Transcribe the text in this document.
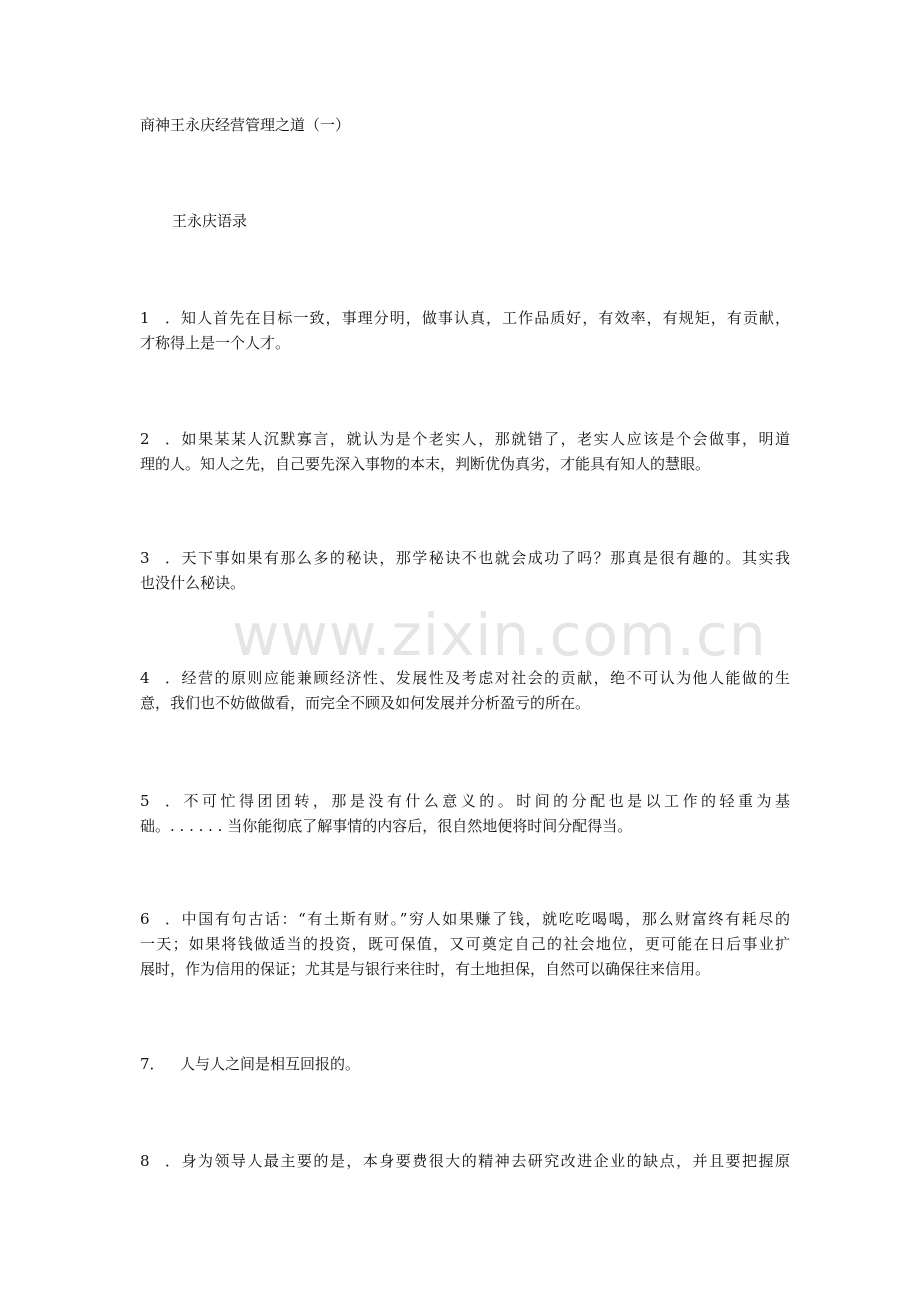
商神王永庆经营管理之道（一）
王永庆语录
1．知人首先在目标一致，事理分明，做事认真，工作品质好，有效率，有规矩，有贡献，
才称得上是一个人才。
2．如果某某人沉默寡言，就认为是个老实人，那就错了，老实人应该是个会做事，明道
理的人。知人之先，自己要先深入事物的本末，判断优伪真劣，才能具有知人的慧眼。
3．天下事如果有那么多的秘诀，那学秘诀不也就会成功了吗？那真是很有趣的。其实我
也没什么秘诀。
4．经营的原则应能兼顾经济性、发展性及考虑对社会的贡献，绝不可认为他人能做的生
意，我们也不妨做做看，而完全不顾及如何发展并分析盈亏的所在。
5．不可忙得团团转，那是没有什么意义的。时间的分配也是以工作的轻重为基
础。. . . . . . 当你能彻底了解事情的内容后，很自然地便将时间分配得当。
6．中国有句古话：“有土斯有财。”穷人如果赚了钱，就吃吃喝喝，那么财富终有耗尽的
一天；如果将钱做适当的投资，既可保值，又可奠定自己的社会地位，更可能在日后事业扩
展时，作为信用的保证；尤其是与银行来往时，有土地担保，自然可以确保往来信用。
7． 人与人之间是相互回报的。
8．身为领导人最主要的是，本身要费很大的精神去研究改进企业的缺点，并且要把握原
www.zixin.com.cn
